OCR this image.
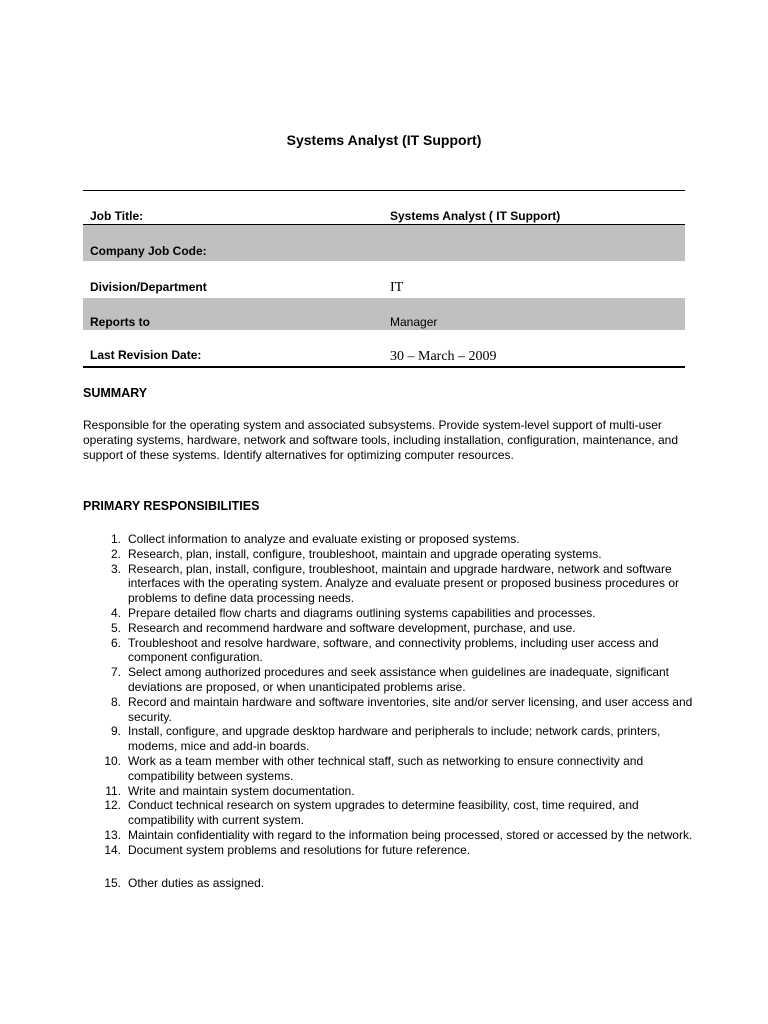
Systems Analyst (IT Support)
Job Title:	Systems Analyst ( IT Support)
Company Job Code:
Division/Department	IT
Reports to	Manager
Last Revision Date:	30 – March – 2009
SUMMARY
Responsible for the operating system and associated subsystems. Provide system-level support of multi-user operating systems, hardware, network and software tools, including installation, configuration, maintenance, and support of these systems. Identify alternatives for optimizing computer resources.
PRIMARY RESPONSIBILITIES
1. Collect information to analyze and evaluate existing or proposed systems.
2. Research, plan, install, configure, troubleshoot, maintain and upgrade operating systems.
3. Research, plan, install, configure, troubleshoot, maintain and upgrade hardware, network and software interfaces with the operating system. Analyze and evaluate present or proposed business procedures or problems to define data processing needs.
4. Prepare detailed flow charts and diagrams outlining systems capabilities and processes.
5. Research and recommend hardware and software development, purchase, and use.
6. Troubleshoot and resolve hardware, software, and connectivity problems, including user access and component configuration.
7. Select among authorized procedures and seek assistance when guidelines are inadequate, significant deviations are proposed, or when unanticipated problems arise.
8. Record and maintain hardware and software inventories, site and/or server licensing, and user access and security.
9. Install, configure, and upgrade desktop hardware and peripherals to include; network cards, printers, modems, mice and add-in boards.
10. Work as a team member with other technical staff, such as networking to ensure connectivity and compatibility between systems.
11. Write and maintain system documentation.
12. Conduct technical research on system upgrades to determine feasibility, cost, time required, and compatibility with current system.
13. Maintain confidentiality with regard to the information being processed, stored or accessed by the network.
14. Document system problems and resolutions for future reference.
15. Other duties as assigned.
